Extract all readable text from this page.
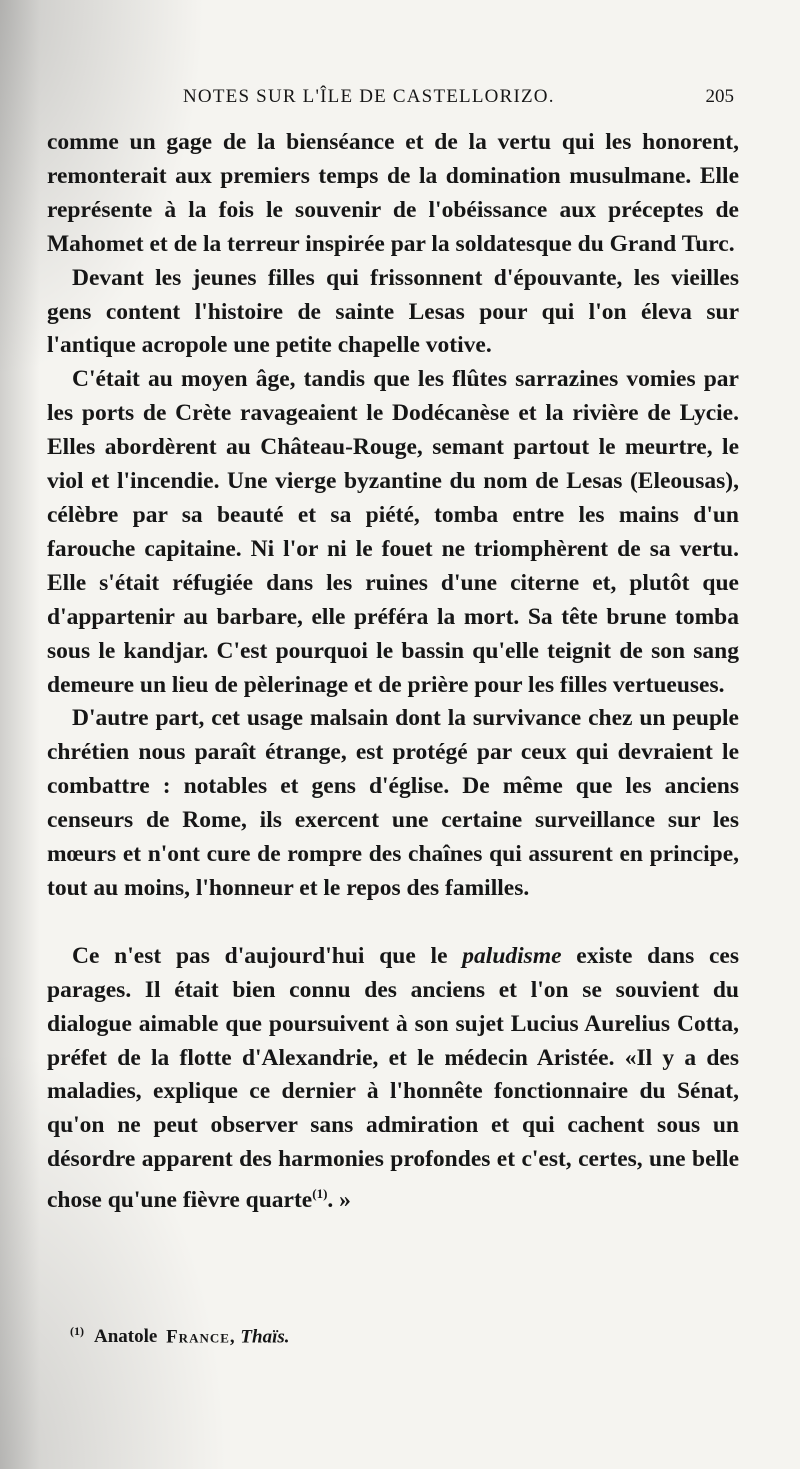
NOTES SUR L'ÎLE DE CASTELLORIZO.	205

comme un gage de la bienséance et de la vertu qui les honorent, remonterait aux premiers temps de la domination musulmane. Elle représente à la fois le souvenir de l'obéissance aux préceptes de Mahomet et de la terreur inspirée par la soldatesque du Grand Turc.

Devant les jeunes filles qui frissonnent d'épouvante, les vieilles gens content l'histoire de sainte Lesas pour qui l'on éleva sur l'antique acropole une petite chapelle votive.

C'était au moyen âge, tandis que les flûtes sarrazines vomies par les ports de Crète ravageaient le Dodécanèse et la rivière de Lycie. Elles abordèrent au Château-Rouge, semant partout le meurtre, le viol et l'incendie. Une vierge byzantine du nom de Lesas (Eleousas), célèbre par sa beauté et sa piété, tomba entre les mains d'un farouche capitaine. Ni l'or ni le fouet ne triomphèrent de sa vertu. Elle s'était réfugiée dans les ruines d'une citerne et, plutôt que d'appartenir au barbare, elle préféra la mort. Sa tête brune tomba sous le kandjar. C'est pourquoi le bassin qu'elle teignit de son sang demeure un lieu de pèlerinage et de prière pour les filles vertueuses.

D'autre part, cet usage malsain dont la survivance chez un peuple chrétien nous paraît étrange, est protégé par ceux qui devraient le combattre : notables et gens d'église. De même que les anciens censeurs de Rome, ils exercent une certaine surveillance sur les mœurs et n'ont cure de rompre des chaînes qui assurent en principe, tout au moins, l'honneur et le repos des familles.

Ce n'est pas d'aujourd'hui que le paludisme existe dans ces parages. Il était bien connu des anciens et l'on se souvient du dialogue aimable que poursuivent à son sujet Lucius Aurelius Cotta, préfet de la flotte d'Alexandrie, et le médecin Aristée. «Il y a des maladies, explique ce dernier à l'honnête fonctionnaire du Sénat, qu'on ne peut observer sans admiration et qui cachent sous un désordre apparent des harmonies profondes et c'est, certes, une belle chose qu'une fièvre quarte$^{(1)}$. »

$^{(1)}$ Anatole France, Thaïs.
